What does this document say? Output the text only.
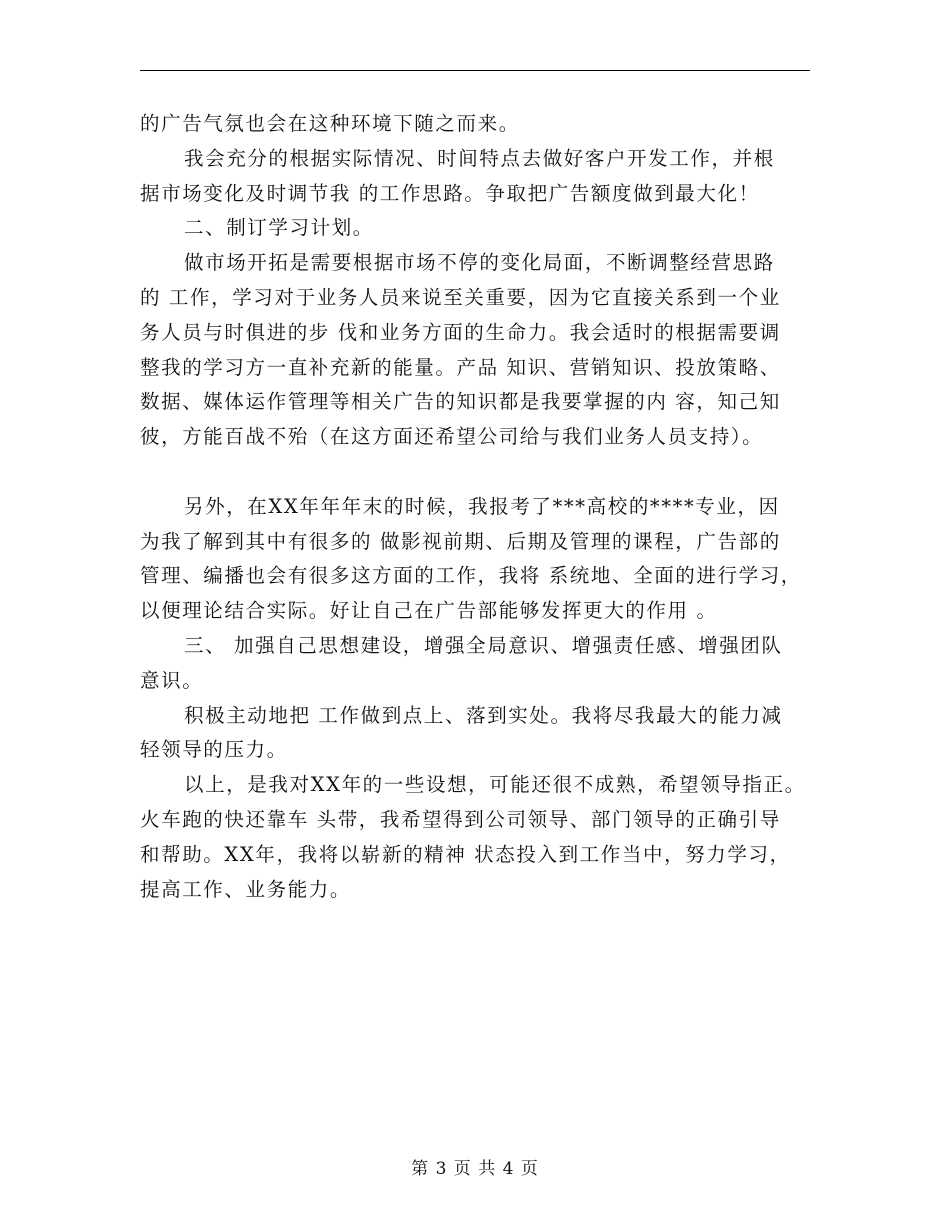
的广告气氛也会在这种环境下随之而来。
我会充分的根据实际情况、时间特点去做好客户开发工作，并根
据市场变化及时调节我 的工作思路。争取把广告额度做到最大化！
二、制订学习计划。
做市场开拓是需要根据市场不停的变化局面，不断调整经营思路
的 工作，学习对于业务人员来说至关重要，因为它直接关系到一个业
务人员与时俱进的步 伐和业务方面的生命力。我会适时的根据需要调
整我的学习方一直补充新的能量。产品 知识、营销知识、投放策略、
数据、媒体运作管理等相关广告的知识都是我要掌握的内 容，知己知
彼，方能百战不殆（在这方面还希望公司给与我们业务人员支持）。
另外，在XX年年年末的时候，我报考了***高校的****专业，因
为我了解到其中有很多的 做影视前期、后期及管理的课程，广告部的
管理、编播也会有很多这方面的工作，我将 系统地、全面的进行学习，
以便理论结合实际。好让自己在广告部能够发挥更大的作用 。
三、 加强自己思想建设，增强全局意识、增强责任感、增强团队
意识。
积极主动地把 工作做到点上、落到实处。我将尽我最大的能力减
轻领导的压力。
以上，是我对XX年的一些设想，可能还很不成熟，希望领导指正。
火车跑的快还靠车 头带，我希望得到公司领导、部门领导的正确引导
和帮助。XX年，我将以崭新的精神 状态投入到工作当中，努力学习，
提高工作、业务能力。
第 3 页 共 4 页
